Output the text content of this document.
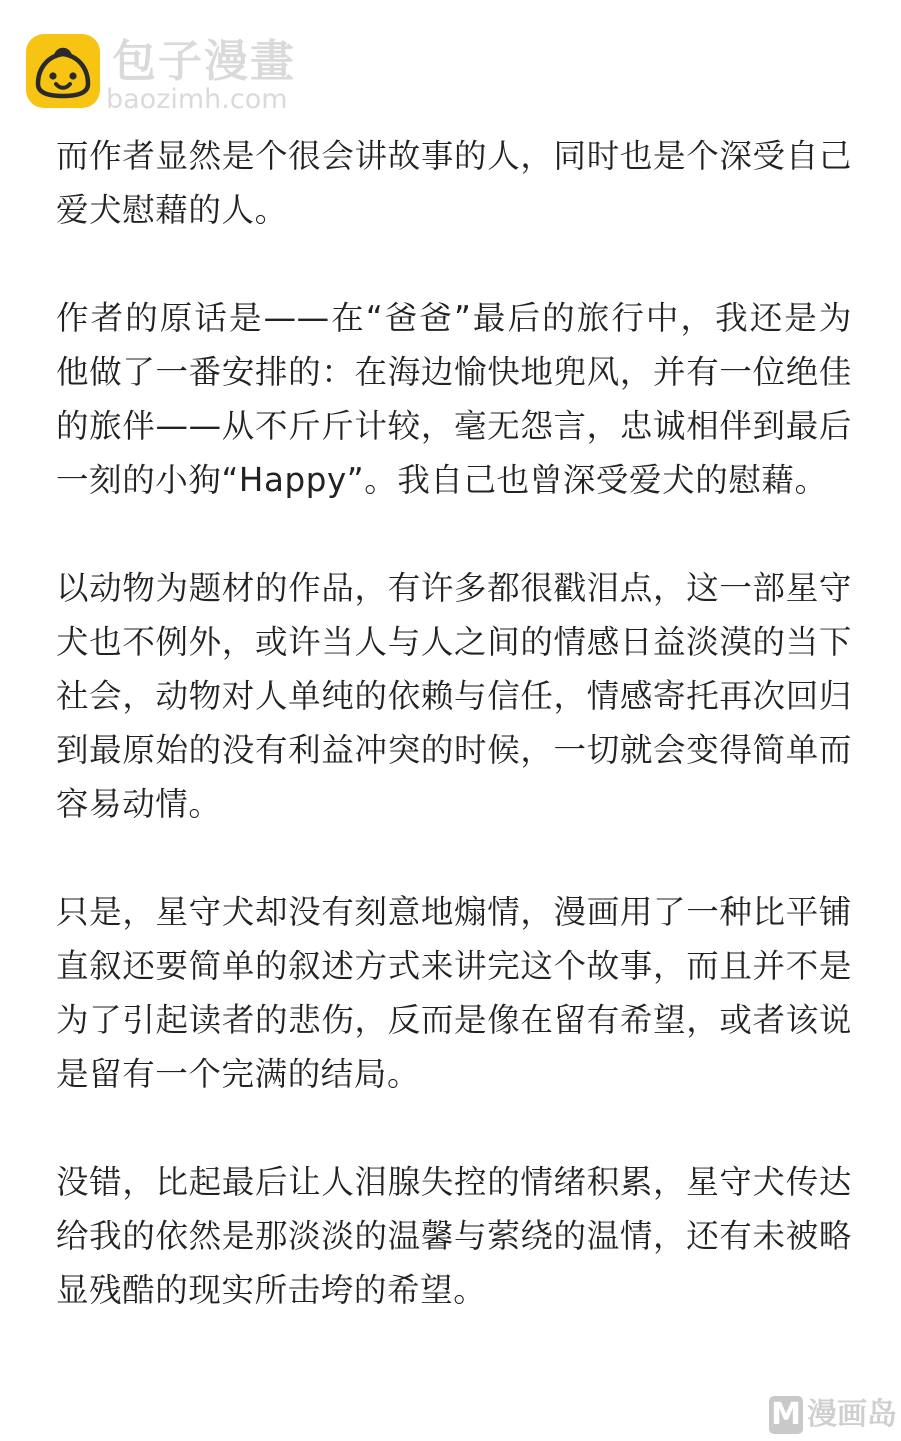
包子漫畫
baozimh.com

而作者显然是个很会讲故事的人，同时也是个深受自己爱犬慰藉的人。

作者的原话是——在“爸爸”最后的旅行中，我还是为他做了一番安排的：在海边愉快地兜风，并有一位绝佳的旅伴——从不斤斤计较，毫无怨言，忠诚相伴到最后一刻的小狗“Happy”。我自己也曾深受爱犬的慰藉。

以动物为题材的作品，有许多都很戳泪点，这一部星守犬也不例外，或许当人与人之间的情感日益淡漠的当下社会，动物对人单纯的依赖与信任，情感寄托再次回归到最原始的没有利益冲突的时候，一切就会变得简单而容易动情。

只是，星守犬却没有刻意地煽情，漫画用了一种比平铺直叙还要简单的叙述方式来讲完这个故事，而且并不是为了引起读者的悲伤，反而是像在留有希望，或者该说是留有一个完满的结局。

没错，比起最后让人泪腺失控的情绪积累，星守犬传达给我的依然是那淡淡的温馨与萦绕的温情，还有未被略显残酷的现实所击垮的希望。

M 漫画岛
